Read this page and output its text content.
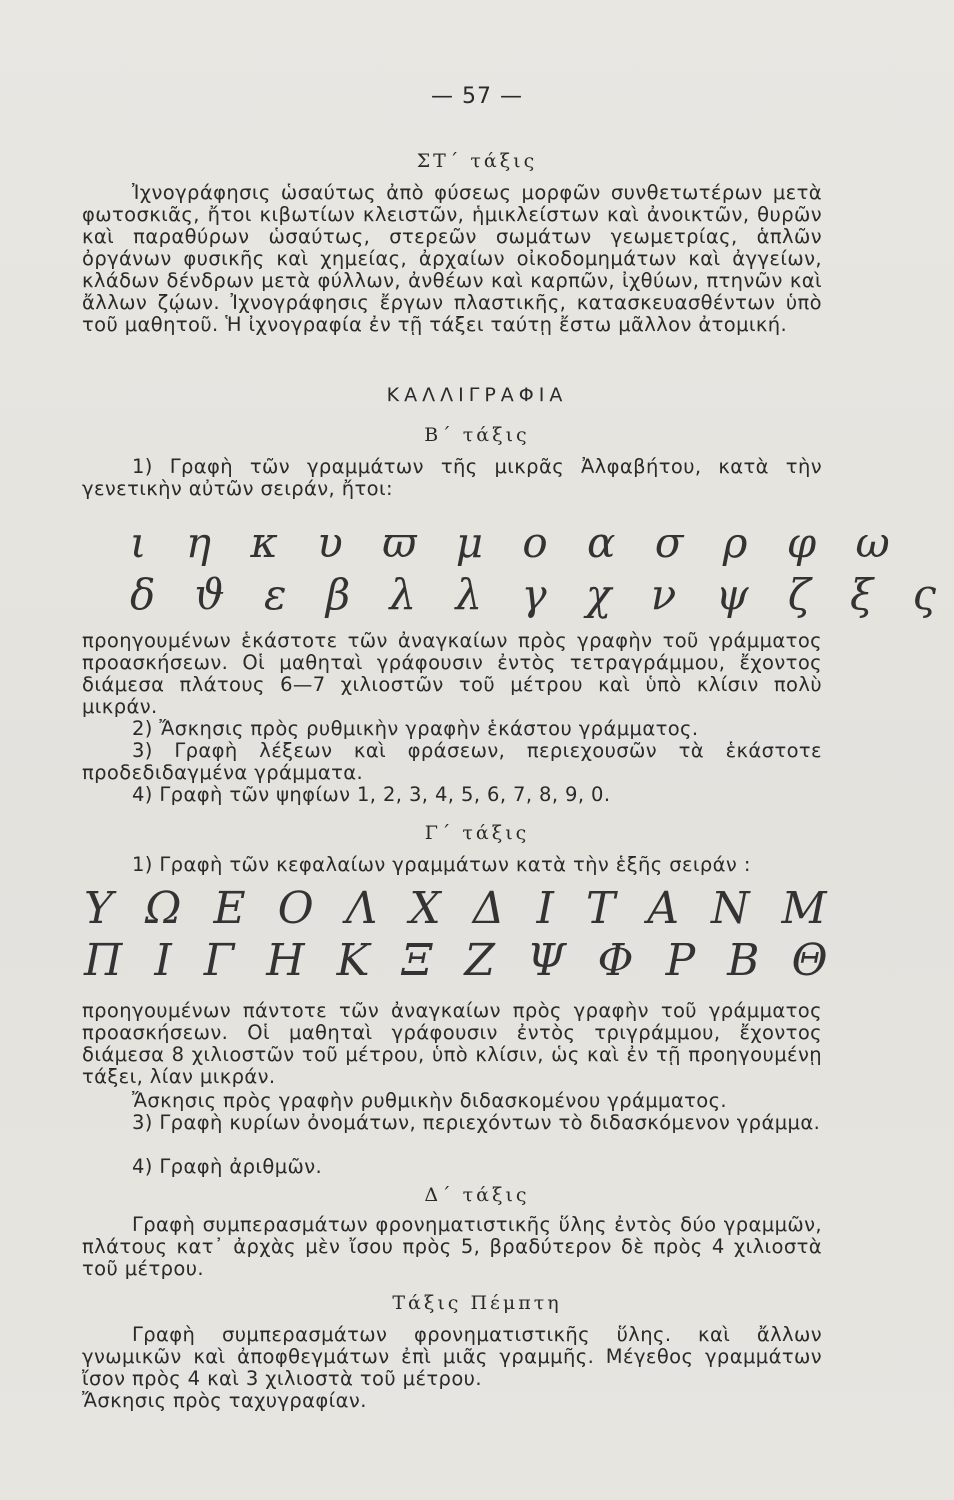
— 57 —

ΣΤ΄ τάξις

Ἰχνογράφησις ὡσαύτως ἀπὸ φύσεως μορφῶν συνθετωτέρων μετὰ φωτοσκιᾶς, ἤτοι κιβωτίων κλειστῶν, ἡμικλείστων καὶ ἀνοικτῶν, θυρῶν καὶ παραθύρων ὡσαύτως, στερεῶν σωμάτων γεωμετρίας, ἁπλῶν ὀργάνων φυσικῆς καὶ χημείας, ἀρχαίων οἰκοδομημάτων καὶ ἀγγείων, κλάδων δένδρων μετὰ φύλλων, ἀνθέων καὶ καρπῶν, ἰχθύων, πτηνῶν καὶ ἄλλων ζῴων. Ἰχνογράφησις ἔργων πλαστικῆς, κατασκευασθέντων ὑπὸ τοῦ μαθητοῦ. Ἡ ἰχνογραφία ἐν τῇ τάξει ταύτῃ ἔστω μᾶλλον ἀτομική.

ΚΑΛΛΙΓΡΑΦΙΑ

Β΄ τάξις

1) Γραφὴ τῶν γραμμάτων τῆς μικρᾶς Ἀλφαβήτου, κατὰ τὴν γενετικὴν αὐτῶν σειράν, ἤτοι:

ι η κ υ ϖ μ ο α σ ρ φ ω

δ ϑ ε β λ λ γ χ ν ψ ζ ξ ς

προηγουμένων ἑκάστοτε τῶν ἀναγκαίων πρὸς γραφὴν τοῦ γράμματος προασκήσεων. Οἱ μαθηταὶ γράφουσιν ἐντὸς τετραγράμμου, ἔχοντος διάμεσα πλάτους 6—7 χιλιοστῶν τοῦ μέτρου καὶ ὑπὸ κλίσιν πολὺ μικράν.

2) Ἄσκησις πρὸς ρυθμικὴν γραφὴν ἑκάστου γράμματος.

3) Γραφὴ λέξεων καὶ φράσεων, περιεχουσῶν τὰ ἑκάστοτε προδεδιδαγμένα γράμματα.

4) Γραφὴ τῶν ψηφίων 1, 2, 3, 4, 5, 6, 7, 8, 9, 0.

Γ΄ τάξις

1) Γραφὴ τῶν κεφαλαίων γραμμάτων κατὰ τὴν ἑξῆς σειράν :

Υ Ω Ε Ο Λ Χ Δ Ι Τ Α Ν Μ

Π Ι Γ Η Κ Ξ Ζ Ψ Φ Ρ Β Θ

προηγουμένων πάντοτε τῶν ἀναγκαίων πρὸς γραφὴν τοῦ γράμματος προασκήσεων. Οἱ μαθηταὶ γράφουσιν ἐντὸς τριγράμμου, ἔχοντος διάμεσα 8 χιλιοστῶν τοῦ μέτρου, ὑπὸ κλίσιν, ὡς καὶ ἐν τῇ προηγουμένῃ τάξει, λίαν μικράν.

Ἄσκησις πρὸς γραφὴν ρυθμικὴν διδασκομένου γράμματος.

3) Γραφὴ κυρίων ὀνομάτων, περιεχόντων τὸ διδασκόμενον γράμμα.

4) Γραφὴ ἀριθμῶν.

Δ΄ τάξις

Γραφὴ συμπερασμάτων φρονηματιστικῆς ὕλης ἐντὸς δύο γραμμῶν, πλάτους κατ᾿ ἀρχὰς μὲν ἴσου πρὸς 5, βραδύτερον δὲ πρὸς 4 χιλιοστὰ τοῦ μέτρου.

Τάξις Πέμπτη

Γραφὴ συμπερασμάτων φρονηματιστικῆς ὕλης. καὶ ἄλλων γνωμικῶν καὶ ἀποφθεγμάτων ἐπὶ μιᾶς γραμμῆς. Μέγεθος γραμμάτων ἴσον πρὸς 4 καὶ 3 χιλιοστὰ τοῦ μέτρου.

Ἄσκησις πρὸς ταχυγραφίαν.
